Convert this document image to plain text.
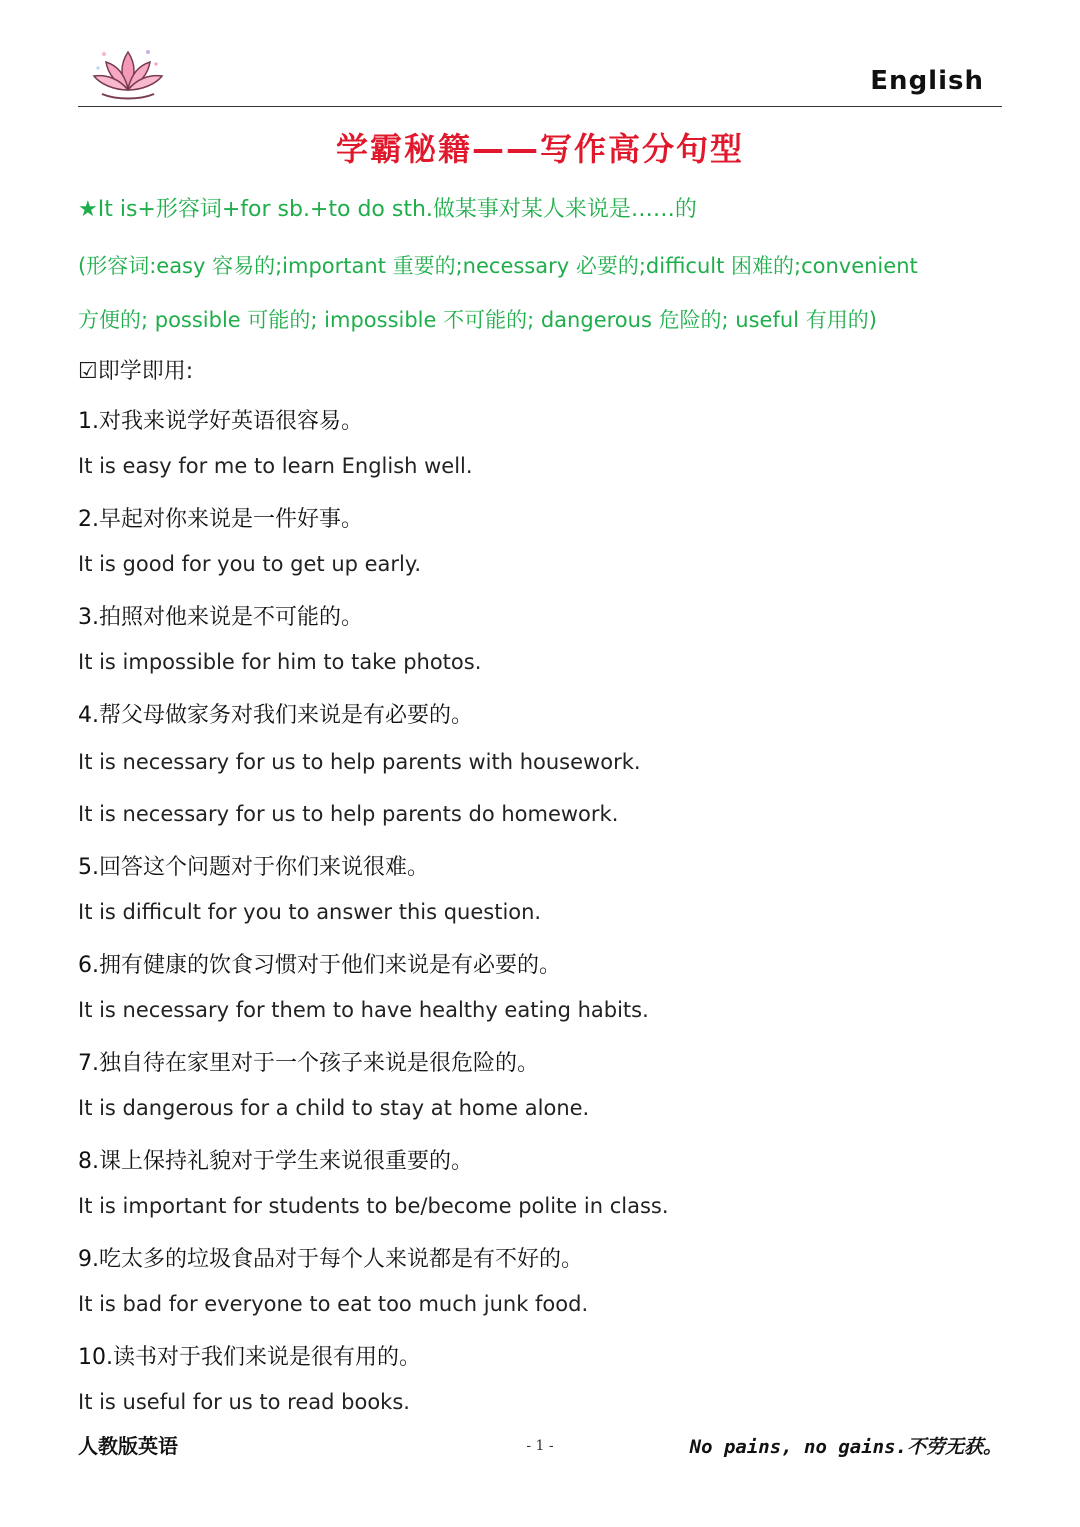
English
学霸秘籍——写作高分句型
★It is+形容词+for sb.+to do sth.做某事对某人来说是……的
(形容词:easy 容易的;important 重要的;necessary 必要的;difficult 困难的;convenient
方便的; possible 可能的; impossible 不可能的; dangerous 危险的; useful 有用的)
☑即学即用:
1.对我来说学好英语很容易。
It is easy for me to learn English well.
2.早起对你来说是一件好事。
It is good for you to get up early.
3.拍照对他来说是不可能的。
It is impossible for him to take photos.
4.帮父母做家务对我们来说是有必要的。
It is necessary for us to help parents with housework.
It is necessary for us to help parents do homework.
5.回答这个问题对于你们来说很难。
It is difficult for you to answer this question.
6.拥有健康的饮食习惯对于他们来说是有必要的。
It is necessary for them to have healthy eating habits.
7.独自待在家里对于一个孩子来说是很危险的。
It is dangerous for a child to stay at home alone.
8.课上保持礼貌对于学生来说很重要的。
It is important for students to be/become polite in class.
9.吃太多的垃圾食品对于每个人来说都是有不好的。
It is bad for everyone to eat too much junk food.
10.读书对于我们来说是很有用的。
It is useful for us to read books.
人教版英语	- 1 -	No pains, no gains.不劳无获。
